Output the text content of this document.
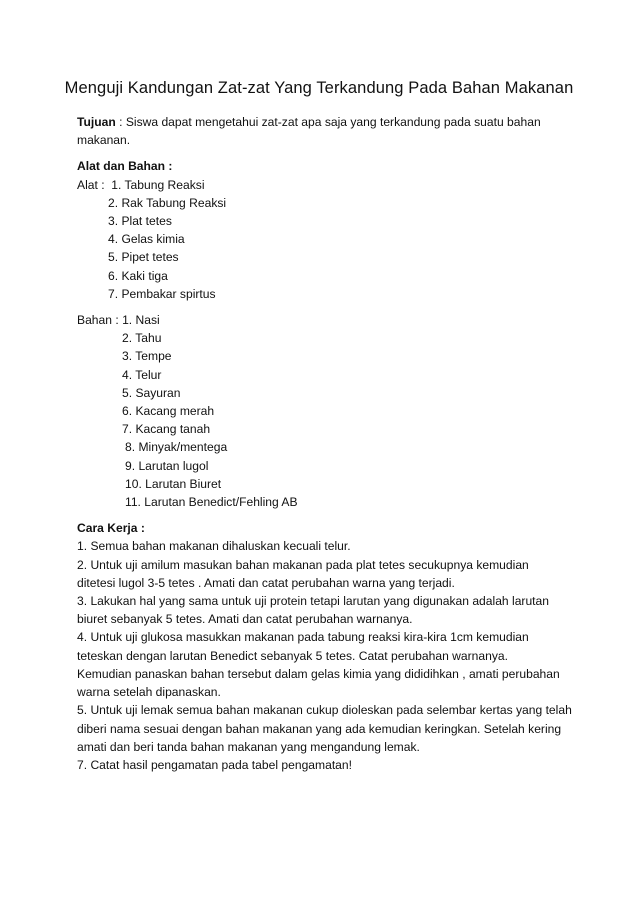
Menguji Kandungan Zat-zat Yang Terkandung Pada Bahan Makanan
Tujuan : Siswa dapat mengetahui zat-zat apa saja yang terkandung pada suatu bahan
makanan.
Alat dan Bahan :
Alat :  1. Tabung Reaksi
2. Rak Tabung Reaksi
3. Plat tetes
4. Gelas kimia
5. Pipet tetes
6. Kaki tiga
7. Pembakar spirtus
Bahan : 1. Nasi
2. Tahu
3. Tempe
4. Telur
5. Sayuran
6. Kacang merah
7. Kacang tanah
8. Minyak/mentega
9. Larutan lugol
10. Larutan Biuret
11. Larutan Benedict/Fehling AB
Cara Kerja :
1. Semua bahan makanan dihaluskan kecuali telur.
2. Untuk uji amilum masukan bahan makanan pada plat tetes secukupnya kemudian
ditetesi lugol 3-5 tetes . Amati dan catat perubahan warna yang terjadi.
3. Lakukan hal yang sama untuk uji protein tetapi larutan yang digunakan adalah larutan
biuret sebanyak 5 tetes. Amati dan catat perubahan warnanya.
4. Untuk uji glukosa masukkan makanan pada tabung reaksi kira-kira 1cm kemudian
teteskan dengan larutan Benedict sebanyak 5 tetes. Catat perubahan warnanya.
Kemudian panaskan bahan tersebut dalam gelas kimia yang dididihkan , amati perubahan
warna setelah dipanaskan.
5. Untuk uji lemak semua bahan makanan cukup dioleskan pada selembar kertas yang telah
diberi nama sesuai dengan bahan makanan yang ada kemudian keringkan. Setelah kering
amati dan beri tanda bahan makanan yang mengandung lemak.
7. Catat hasil pengamatan pada tabel pengamatan!
